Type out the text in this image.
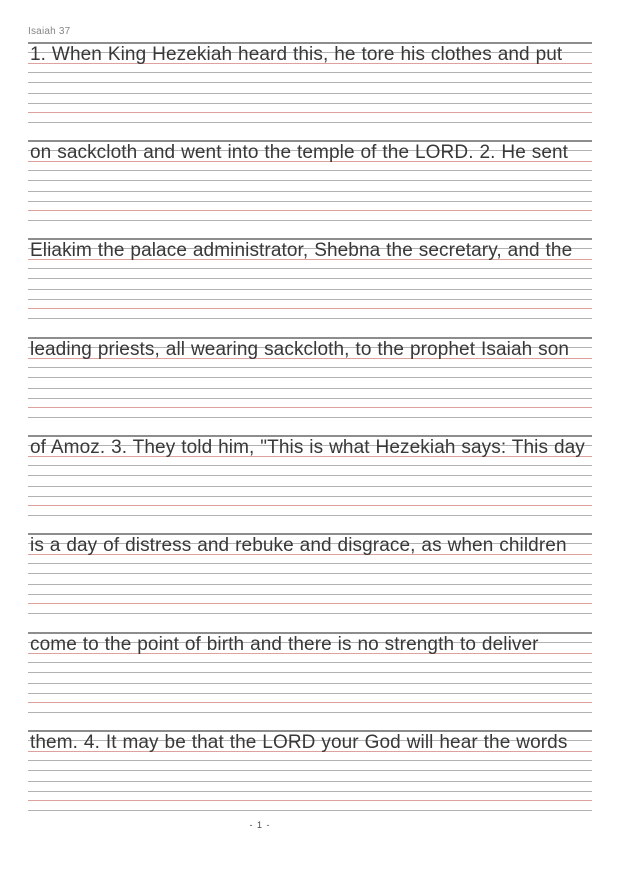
Isaiah 37
1. When King Hezekiah heard this, he tore his clothes and put
on sackcloth and went into the temple of the LORD. 2. He sent
Eliakim the palace administrator, Shebna the secretary, and the
leading priests, all wearing sackcloth, to the prophet Isaiah son
of Amoz. 3. They told him, "This is what Hezekiah says: This day
is a day of distress and rebuke and disgrace, as when children
come to the point of birth and there is no strength to deliver
them. 4. It may be that the LORD your God will hear the words
- 1 -
